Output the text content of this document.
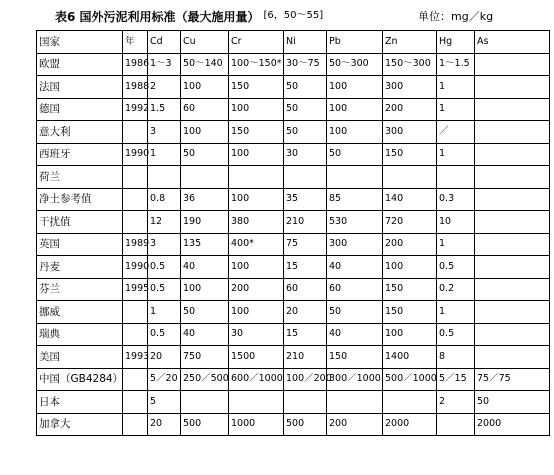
表6 国外污泥利用标准（最大施用量） [6，50～55]	单位：mg／kg
国家	年	Cd	Cu	Cr	Ni	Pb	Zn	Hg	As
欧盟	1986	1～3	50～140	100～150*	30～75	50～300	150～300	1～1.5	
法国	1988	2	100	150	50	100	300	1	
德国	1992	1.5	60	100	50	100	200	1	
意大利		3	100	150	50	100	300	／	
西班牙	1990	1	50	100	30	50	150	1	
荷兰									
净土参考值		0.8	36	100	35	85	140	0.3	
干扰值		12	190	380	210	530	720	10	
英国	1989	3	135	400*	75	300	200	1	
丹麦	1990	0.5	40	100	15	40	100	0.5	
芬兰	1995	0.5	100	200	60	60	150	0.2	
挪威		1	50	100	20	50	150	1	
瑞典		0.5	40	30	15	40	100	0.5	
美国	1993	20	750	1500	210	150	1400	8	
中国（GB4284）		5／20	250／500	600／1000	100／200	300／1000	500／1000	5／15	75／75
日本		5						2	50
加拿大		20	500	1000	500	200	2000		2000
